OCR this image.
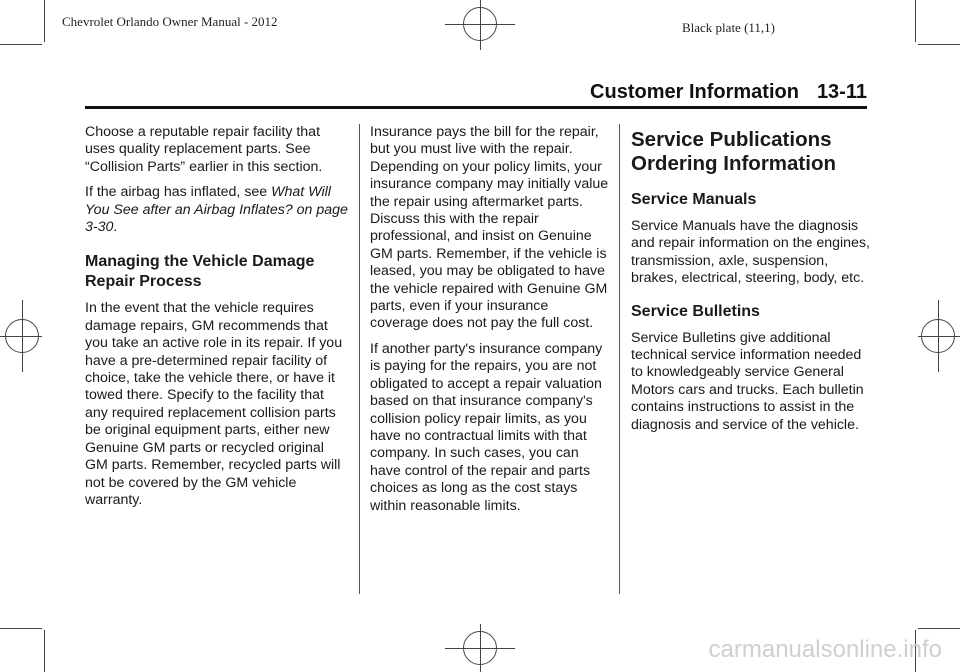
Chevrolet Orlando Owner Manual - 2012	Black plate (11,1)
Customer Information 13-11

Choose a reputable repair facility that uses quality replacement parts. See “Collision Parts” earlier in this section.

If the airbag has inflated, see What Will You See after an Airbag Inflates? on page 3-30.

Managing the Vehicle Damage Repair Process

In the event that the vehicle requires damage repairs, GM recommends that you take an active role in its repair. If you have a pre-determined repair facility of choice, take the vehicle there, or have it towed there. Specify to the facility that any required replacement collision parts be original equipment parts, either new Genuine GM parts or recycled original GM parts. Remember, recycled parts will not be covered by the GM vehicle warranty.

Insurance pays the bill for the repair, but you must live with the repair. Depending on your policy limits, your insurance company may initially value the repair using aftermarket parts. Discuss this with the repair professional, and insist on Genuine GM parts. Remember, if the vehicle is leased, you may be obligated to have the vehicle repaired with Genuine GM parts, even if your insurance coverage does not pay the full cost.

If another party's insurance company is paying for the repairs, you are not obligated to accept a repair valuation based on that insurance company's collision policy repair limits, as you have no contractual limits with that company. In such cases, you can have control of the repair and parts choices as long as the cost stays within reasonable limits.

Service Publications Ordering Information
Service Manuals

Service Manuals have the diagnosis and repair information on the engines, transmission, axle, suspension, brakes, electrical, steering, body, etc.

Service Bulletins

Service Bulletins give additional technical service information needed to knowledgeably service General Motors cars and trucks. Each bulletin contains instructions to assist in the diagnosis and service of the vehicle.

carmanualsonline.info
